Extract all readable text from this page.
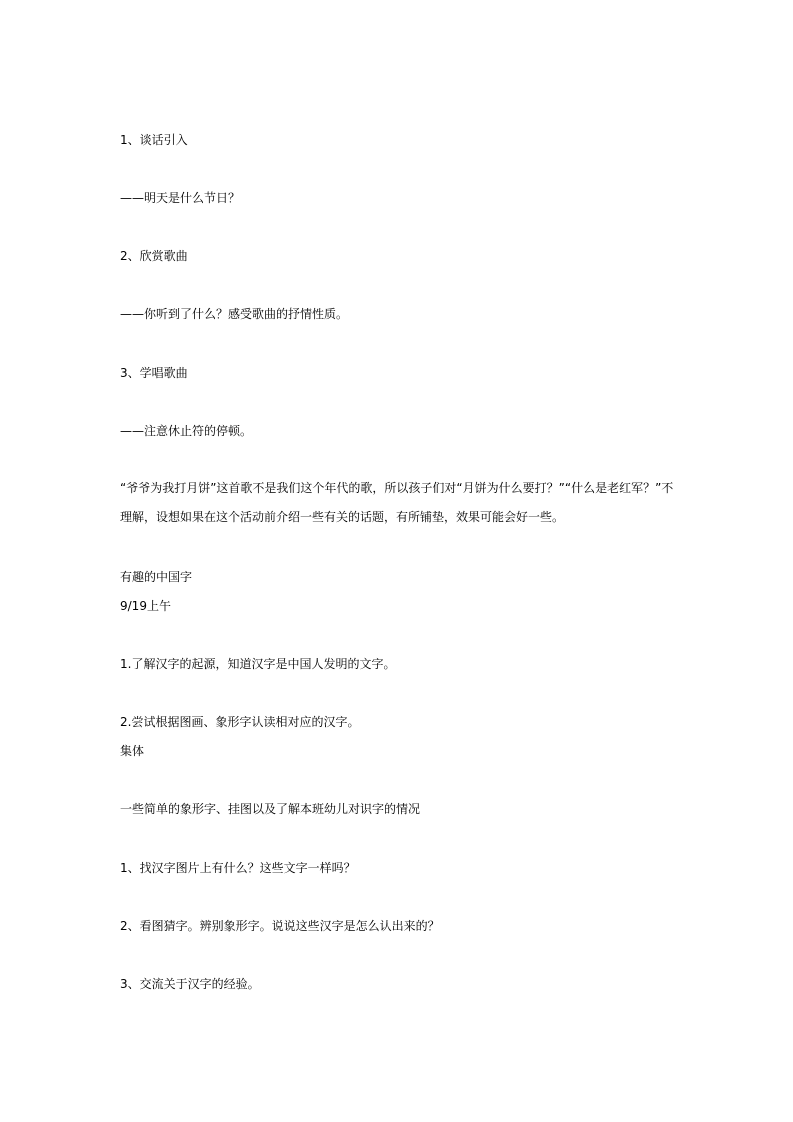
1、谈话引入

——明天是什么节日？

2、欣赏歌曲

——你听到了什么？感受歌曲的抒情性质。

3、学唱歌曲

——注意休止符的停顿。

“爷爷为我打月饼”这首歌不是我们这个年代的歌，所以孩子们对“月饼为什么要打？”“什么是老红军？”不理解，设想如果在这个活动前介绍一些有关的话题，有所铺垫，效果可能会好一些。

有趣的中国字

9/19上午

1.了解汉字的起源，知道汉字是中国人发明的文字。

2.尝试根据图画、象形字认读相对应的汉字。

集体

一些简单的象形字、挂图以及了解本班幼儿对识字的情况

1、找汉字图片上有什么？这些文字一样吗？

2、看图猜字。辨别象形字。说说这些汉字是怎么认出来的？

3、交流关于汉字的经验。
